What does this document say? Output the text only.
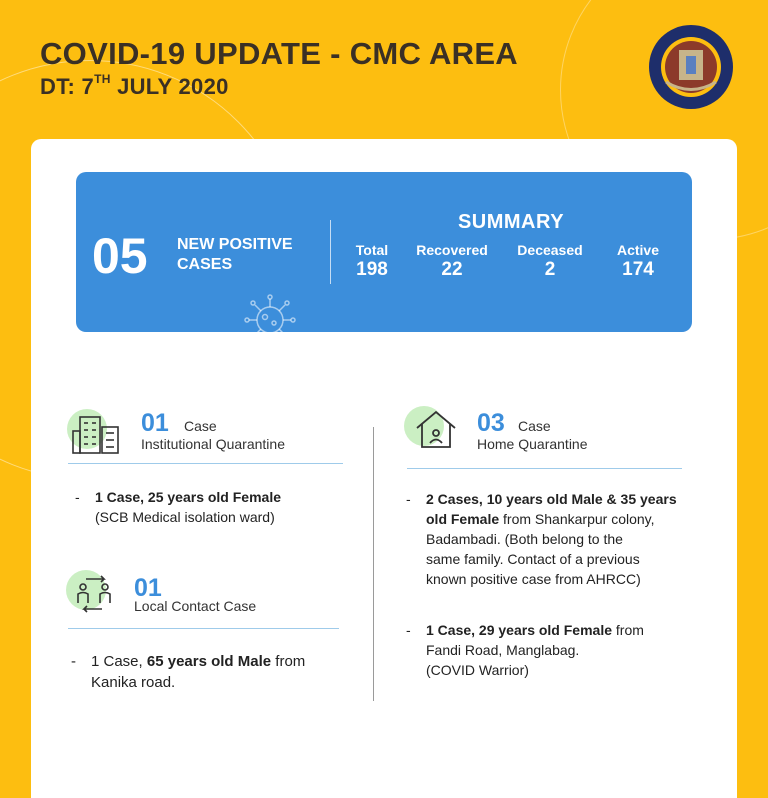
COVID-19 UPDATE - CMC AREA
DT: 7TH JULY 2020
05 NEW POSITIVE CASES
SUMMARY
Total
198
Recovered
22
Deceased
2
Active
174
01 Case
Institutional Quarantine
- 1 Case, 25 years old Female
(SCB Medical isolation ward)
01
Local Contact Case
- 1 Case, 65 years old Male from
Kanika road.
03 Case
Home Quarantine
- 2 Cases, 10 years old Male & 35 years
old Female from Shankarpur colony,
Badambadi. (Both belong to the
same family. Contact of a previous
known positive case from AHRCC)
- 1 Case, 29 years old Female from
Fandi Road, Manglabag.
(COVID Warrior)
